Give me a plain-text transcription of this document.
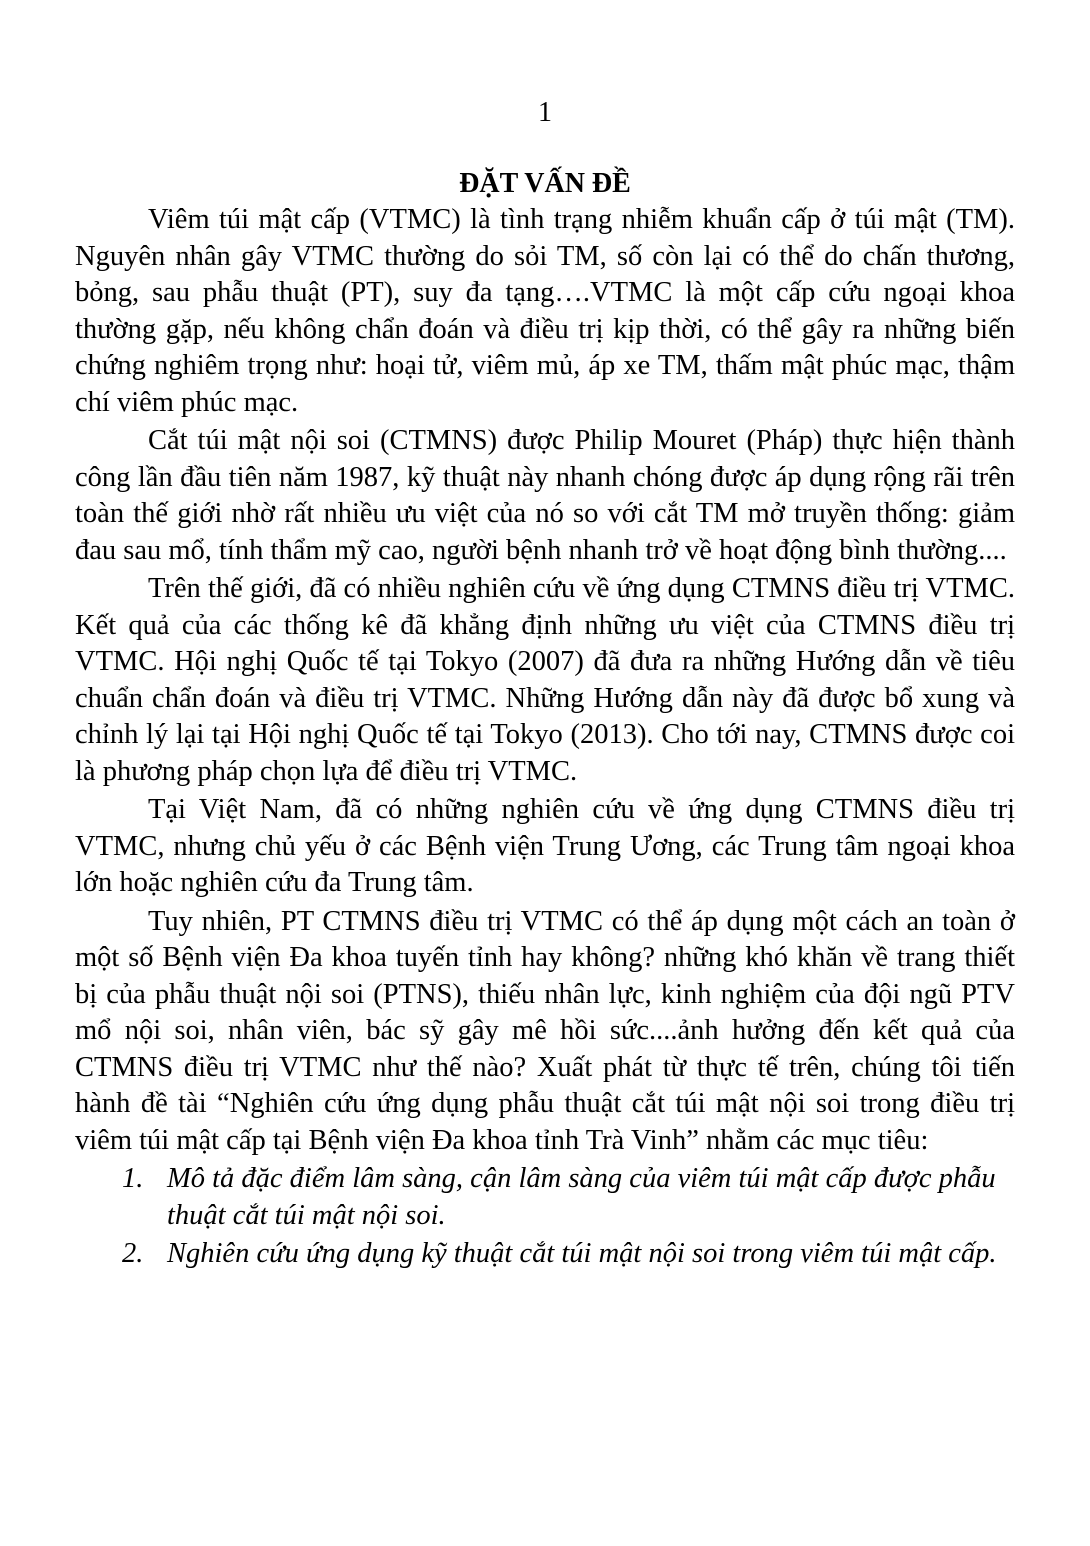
1
ĐẶT VẤN ĐỀ

Viêm túi mật cấp (VTMC) là tình trạng nhiễm khuẩn cấp ở túi mật (TM). Nguyên nhân gây VTMC thường do sỏi TM, số còn lại có thể do chấn thương, bỏng, sau phẫu thuật (PT), suy đa tạng….VTMC là một cấp cứu ngoại khoa thường gặp, nếu không chẩn đoán và điều trị kịp thời, có thể gây ra những biến chứng nghiêm trọng như: hoại tử, viêm mủ, áp xe TM, thấm mật phúc mạc, thậm chí viêm phúc mạc.

Cắt túi mật nội soi (CTMNS) được Philip Mouret (Pháp) thực hiện thành công lần đầu tiên năm 1987, kỹ thuật này nhanh chóng được áp dụng rộng rãi trên toàn thế giới nhờ rất nhiều ưu việt của nó so với cắt TM mở truyền thống: giảm đau sau mổ, tính thẩm mỹ cao, người bệnh nhanh trở về hoạt động bình thường....

Trên thế giới, đã có nhiều nghiên cứu về ứng dụng CTMNS điều trị VTMC. Kết quả của các thống kê đã khẳng định những ưu việt của CTMNS điều trị VTMC. Hội nghị Quốc tế tại Tokyo (2007) đã đưa ra những Hướng dẫn về tiêu chuẩn chẩn đoán và điều trị VTMC. Những Hướng dẫn này đã được bổ xung và chỉnh lý lại tại Hội nghị Quốc tế tại Tokyo (2013). Cho tới nay, CTMNS được coi là phương pháp chọn lựa để điều trị VTMC.

Tại Việt Nam, đã có những nghiên cứu về ứng dụng CTMNS điều trị VTMC, nhưng chủ yếu ở các Bệnh viện Trung Ương, các Trung tâm ngoại khoa lớn hoặc nghiên cứu đa Trung tâm.

Tuy nhiên, PT CTMNS điều trị VTMC có thể áp dụng một cách an toàn ở một số Bệnh viện Đa khoa tuyến tỉnh hay không? những khó khăn về trang thiết bị của phẫu thuật nội soi (PTNS), thiếu nhân lực, kinh nghiệm của đội ngũ PTV mổ nội soi, nhân viên, bác sỹ gây mê hồi sức....ảnh hưởng đến kết quả của CTMNS điều trị VTMC như thế nào? Xuất phát từ thực tế trên, chúng tôi tiến hành đề tài “Nghiên cứu ứng dụng phẫu thuật cắt túi mật nội soi trong điều trị viêm túi mật cấp tại Bệnh viện Đa khoa tỉnh Trà Vinh” nhằm các mục tiêu:

1. Mô tả đặc điểm lâm sàng, cận lâm sàng của viêm túi mật cấp được phẫu thuật cắt túi mật nội soi.
2. Nghiên cứu ứng dụng kỹ thuật cắt túi mật nội soi trong viêm túi mật cấp.
